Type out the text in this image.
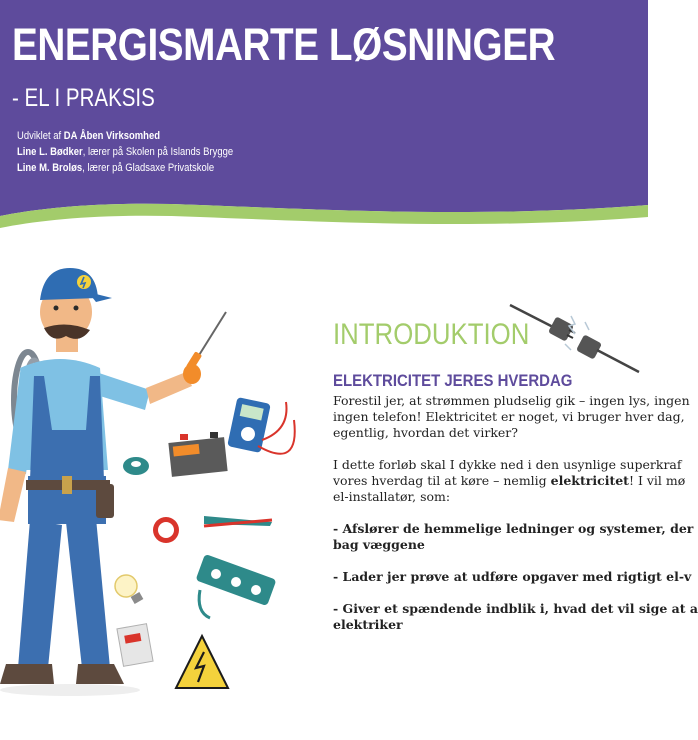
ENERGISMARTE LØSNINGER
- EL I PRAKSIS
Udviklet af DA Åben Virksomhed
Line L. Bødker, lærer på Skolen på Islands Brygge
Line M. Broløs, lærer på Gladsaxe Privatskole
INTRODUKTION
ELEKTRICITET JERES HVERDAG
Forestil jer, at strømmen pludselig gik – ingen lys, ingen
ingen telefon! Elektricitet er noget, vi bruger hver dag,
egentlig, hvordan det virker?
I dette forløb skal I dykke ned i den usynlige superkraf
vores hverdag til at køre – nemlig elektricitet! I vil mø
el-installatør, som:
- Afslører de hemmelige ledninger og systemer, der
bag væggene
- Lader jer prøve at udføre opgaver med rigtigt el-v
- Giver et spændende indblik i, hvad det vil sige at a
elektriker
